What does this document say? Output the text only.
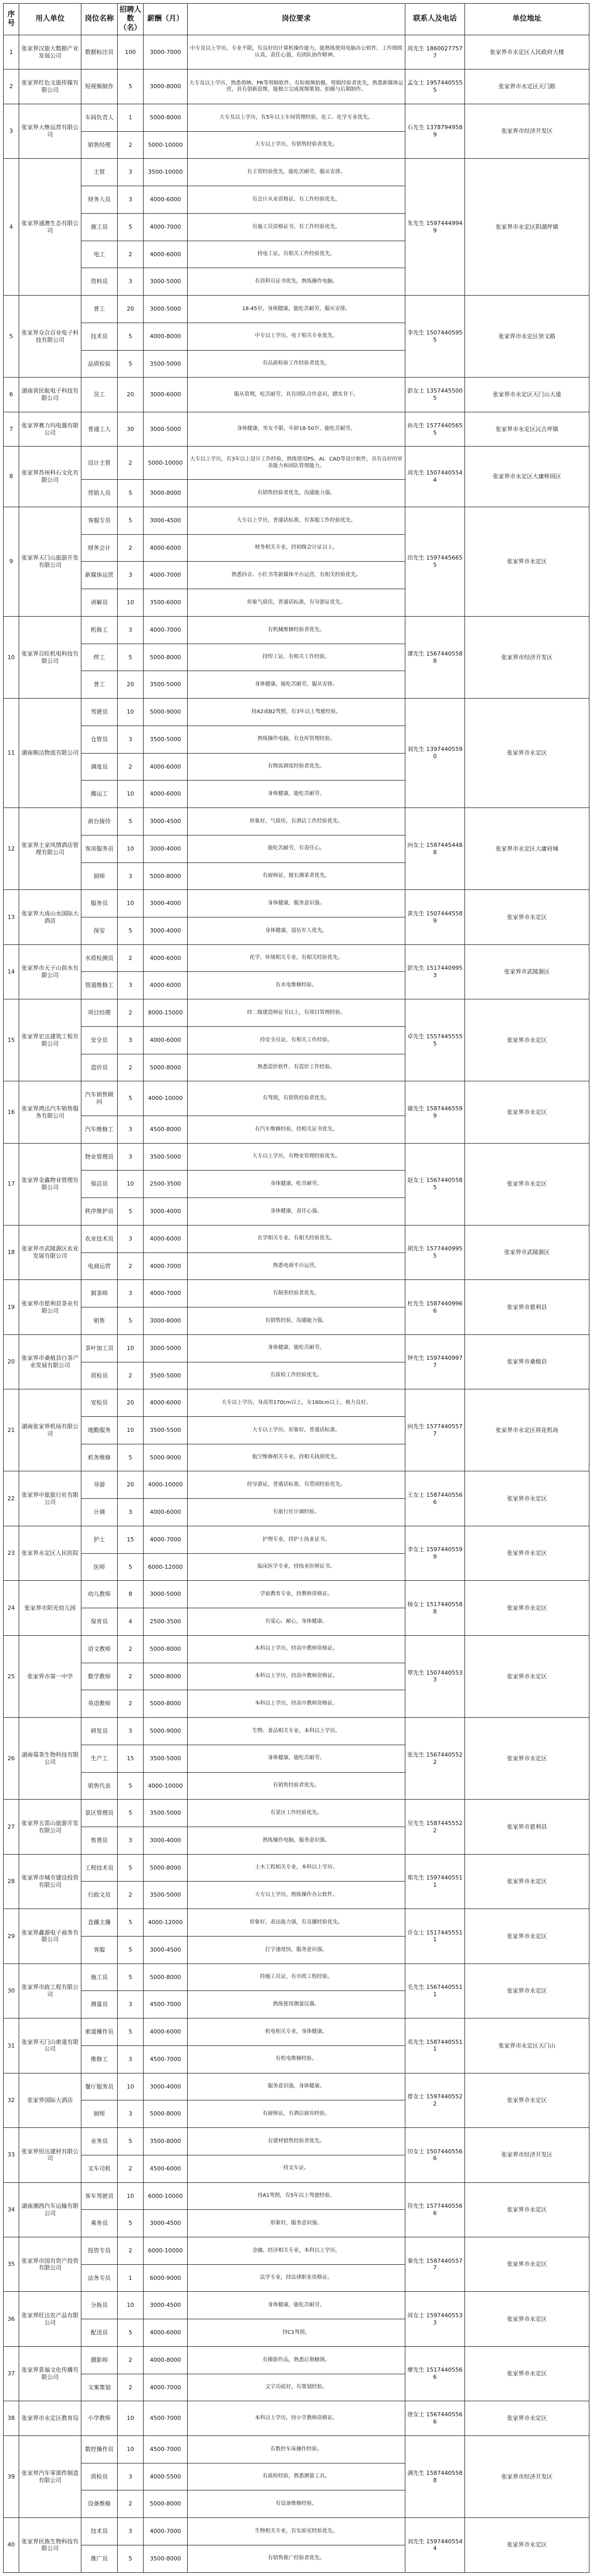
序号	用人单位	岗位名称	招聘人数（名）	薪酬（月）	岗位要求	联系人及电话	单位地址
1	张家界汉旅大数据产业发展公司	数据标注员	100	3000-7000	中专及以上学历，专业不限，有良好的计算机操作能力，能熟练使用电脑办公软件，工作细致认真，责任心强，有团队协作精神。	周先生 18600277577	张家界市永定区人民政府大楼
2	张家界红色文旅传媒有限公司	短视频制作	5	3000-8000	大专及以上学历，熟悉剪映、PR等剪辑软件，有短视频拍摄、剪辑经验者优先，熟悉新媒体运营，具有创新思维，能独立完成视频策划、拍摄与后期制作。	孟女士 19574405555	张家界市永定区天门路
3	张家界大维运营有限公司	车间负责人	1	5000-8000	大专及以上学历，有5年以上车间管理经验，化工、化学专业优先。	石先生 13787949589	张家界市经济开发区
		销售经理	2	5000-10000	大专以上学历，有销售经验者优先。		
4	张家界通澳生态有限公司	主管	3	3500-10000	有主管经验优先，能吃苦耐劳，服从安排。	朱先生 15974449949	张家界市永定区阳湖坪镇
		财务人员	3	4000-6000	有会计从业资格证，有工作经验优先。		
		施工员	5	4000-7000	有施工员资格证书，有工作经验优先。		
		电工	2	4000-6000	持电工证，有相关工作经验优先。		
		资料员	3	3000-5000	有资料员证书优先，熟练操作电脑。		
5	张家界众合百业电子科技有限公司	普工	20	3000-5000	18-45岁，身体健康，能吃苦耐劳，服从安排。	李先生 15074405955	张家界市永定区崇文路
		技术员	5	4000-8000	中专以上学历，电子相关专业优先。		
		品质检验	5	3500-5000	有品质检验工作经验者优先。		
6	湖南省民航电子科技有限公司	员工	20	3000-6000	服从管理，吃苦耐劳，具有团队合作意识，踏实肯干。	彭女士 13574455005	张家界市永定区天门山大道
7	张家界赛力玛电器有限公司	普通工人	30	3000-5000	身体健康，男女不限，年龄18-50岁，能吃苦耐劳。	孙先生 15774405655	张家界市永定区沅古坪镇
8	张家界苏州科石文化有限公司	设计主管	2	5000-10000	大专以上学历，有3年以上设计工作经验，熟练使用PS、AI、CAD等设计软件，具有良好的审美能力和团队管理能力。	周先生 15074405544	张家界市永定区大庸桥园区
		营销人员	5	3000-8000	有销售经验者优先，沟通能力强。		
9	张家界天门山旅游开发有限公司	客服专员	5	3000-4500	大专以上学历，普通话标准，有客服工作经验优先。	田先生 15974456655	张家界市永定区
		财务会计	2	4000-6000	财务相关专业，持初级会计证以上。		
		新媒体运营	3	4000-7000	熟悉抖音、小红书等新媒体平台运营，有相关经验优先。		
		讲解员	10	3500-6000	形象气质佳，普通话标准，有导游证优先。		
10	张家界百旺机电科技有限公司	机修工	3	4000-7000	有机械维修经验者优先。	谭先生 15674405588	张家界市经济开发区
		焊工	5	5000-8000	持焊工证，有相关工作经验。		
		普工	20	3500-5000	身体健康，能吃苦耐劳，服从安排。		
11	湖南顺达物流有限公司	驾驶员	10	5000-9000	持A2或B2驾照，有3年以上驾驶经验。	刘先生 13974405590	张家界市永定区
		仓管员	3	3500-5000	熟练操作电脑，有仓库管理经验。		
		调度员	2	4000-6000	有物流调度经验者优先。		
		搬运工	10	4000-6000	身体健康，能吃苦耐劳。		
12	张家界土家风情酒店管理有限公司	前台接待	5	3000-4500	形象好，气质佳，有酒店工作经验优先。	向女士 15874454488	张家界市永定区大庸府城
		客房服务员	10	3000-4000	能吃苦耐劳，有责任心。		
		厨师	3	5000-8000	有厨师证，擅长湘菜者优先。		
13	张家界大成山水国际大酒店	服务员	10	3000-4000	身体健康，服务意识强。	黄先生 15074445589	张家界市永定区
		保安	5	3000-4000	身体健康，退伍军人优先。		
14	张家界市天子山供水有限公司	水质检测员	2	4000-6000	化学、环境相关专业，有相关经验优先。	彭先生 15174409953	张家界市武陵源区
		管道维修工	3	4000-6000	有水电维修经验。		
15	张家界宏达建筑工程有限公司	项目经理	2	8000-15000	持二级建造师证书以上，有项目管理经验。	卓先生 15574455555	张家界市永定区
		安全员	3	4000-6000	持安全员证，有相关工作经验。		
		造价员	2	5000-8000	熟悉造价软件，有造价工作经验。		
16	张家界鸿达汽车销售服务有限公司	汽车销售顾问	5	4000-10000	有驾照，有销售经验者优先。	谢先生 15874465599	张家界市永定区
		汽车维修工	3	4500-8000	有汽车维修经验，持相关证书优先。		
17	张家界金鑫物业管理有限公司	物业管理员	3	3500-5000	大专以上学历，有物业管理经验优先。	赵女士 15674405585	张家界市永定区
		保洁员	10	2500-3500	身体健康，吃苦耐劳。		
		秩序维护员	5	3000-4000	身体健康，责任心强。		
18	张家界市武陵源区农业发展有限公司	农业技术员	3	4000-6000	农学相关专业，有相关经验优先。	胡先生 15774409955	张家界市武陵源区
		电商运营	2	4000-7000	熟悉电商平台运营。		
19	张家界市慈利县茶业有限公司	制茶师	3	4000-7000	有制茶经验者优先。	杜先生 15874409966	张家界市慈利县
		销售	5	3000-8000	有销售经验，沟通能力强。		
20	张家界市桑植县白茶产业发展有限公司	茶叶加工员	10	3000-5000	身体健康，能吃苦耐劳。	钟先生 15974409977	张家界市桑植县
		质检员	2	3500-5000	有质检工作经验优先。		
21	湖南张家界机场有限公司	安检员	20	4000-6000	大专以上学历，身高男170cm以上，女160cm以上，视力良好。	向先生 15774405577	张家界市永定区荷花机场
		地勤服务	10	3500-5500	大专以上学历，形象好，普通话标准。		
		机务维修	5	5000-9000	航空维修相关专业，持相关执照优先。		
22	张家界中旅旅行社有限公司	导游	20	4000-10000	持导游证，普通话标准，有带团经验优先。	王女士 15874405566	张家界市永定区
		计调	3	4000-6000	有旅行社计调经验。		
23	张家界永定区人民医院	护士	15	4000-7000	护理专业，持护士执业证书。	李女士 15974405599	张家界市永定区
		医师	5	6000-12000	临床医学专业，持执业医师证书。		
24	张家界市阳光幼儿园	幼儿教师	8	3000-5000	学前教育专业，持教师资格证。	杨女士 15174405588	张家界市永定区
		保育员	4	2500-3500	有爱心、耐心，身体健康。		
25	张家界市第一中学	语文教师	2	5000-8000	本科以上学历，持高中教师资格证。	覃先生 15074405533	张家界市永定区
		数学教师	2	5000-8000	本科以上学历，持高中教师资格证。		
		英语教师	2	5000-8000	本科以上学历，持高中教师资格证。		
26	湖南莓茶生物科技有限公司	研发员	3	5000-9000	生物、食品相关专业，本科以上学历。	张先生 15674405522	张家界市永定区
		生产工	15	3500-5000	身体健康，能吃苦耐劳。		
		销售代表	5	4000-10000	有销售经验者优先。		
27	张家界五雷山旅游开发有限公司	景区管理员	5	3500-5000	有景区工作经验优先。	吴先生 15874455522	张家界市慈利县
		售票员	3	3000-4000	熟练操作电脑，服务意识强。		
28	张家界市城市建设投资有限公司	工程技术员	5	5000-8000	土木工程相关专业，本科以上学历。	郑先生 15974405511	张家界市永定区
		行政文员	2	3500-5000	大专以上学历，熟练操作办公软件。		
29	张家界鑫源电子商务有限公司	直播主播	5	4000-12000	形象好，表达能力强，有直播经验优先。	许女士 15174455511	张家界市永定区
		客服	5	3000-4500	打字速度快，服务意识强。		
30	张家界市政工程有限公司	施工员	5	5000-8000	持施工员证，有市政工程经验。	毛先生 15674405511	张家界市永定区
		测量员	3	4500-7000	熟练使用测量仪器。		
31	张家界天门山索道有限公司	索道操作员	5	4000-6000	机电相关专业，身体健康。	邓先生 15874405511	张家界市永定区天门山
		维修工	3	4500-7000	有机电维修经验。		
32	张家界国际大酒店	餐厅服务员	10	3000-4000	服务意识强，身体健康。	曾女士 15974405522	张家界市永定区
		厨师	3	5000-8000	有厨师证，有酒店厨房经验。		
33	张家界恒达建材有限公司	业务员	5	3500-8000	有建材销售经验者优先。	田女士 15074405566	张家界市经济开发区
		叉车司机	2	4500-6000	持叉车证。		
34	湖南湘西汽车运输有限公司	客车驾驶员	10	6000-10000	持A1驾照，有5年以上驾驶经验。	符先生 15774405566	张家界市永定区
		乘务员	5	3000-4500	形象好，服务意识强。		
35	张家界市国有资产投资有限公司	投资专员	2	6000-10000	金融、经济相关专业，本科以上学历。	秦先生 15874405577	张家界市永定区
		法务专员	1	6000-9000	法学专业，持法律职业资格证。		
36	张家界旺达农产品有限公司	分拣员	10	3000-4500	身体健康，能吃苦耐劳。	周女士 15974405533	张家界市永定区
		配送员	5	4000-6000	持C1驾照。		
37	张家界景福文化传播有限公司	摄影师	2	4000-8000	有摄影作品，熟悉后期修图。	廖先生 15174405566	张家界市永定区
		文案策划	2	4000-7000	文字功底好，有策划经验。		
38	张家界市永定区教育局	小学教师	10	4500-7000	本科以上学历，持小学教师资格证。	唐女士 15674405566	张家界市永定区
39	张家界汽车零部件制造有限公司	数控操作员	10	4500-7000	有数控车床操作经验。	满先生 15874405588	张家界市经济开发区
		质检员	3	4000-5500	有质检经验，熟悉测量工具。		
		设备维修	2	5000-8000	有设备维修经验。		
40	张家界民族生物科技有限公司	技术员	3	4000-7000	生物相关专业，有实验室经验优先。	刘先生 15974405544	张家界市永定区
		推广员	5	3500-8000	有销售推广经验者优先。		
